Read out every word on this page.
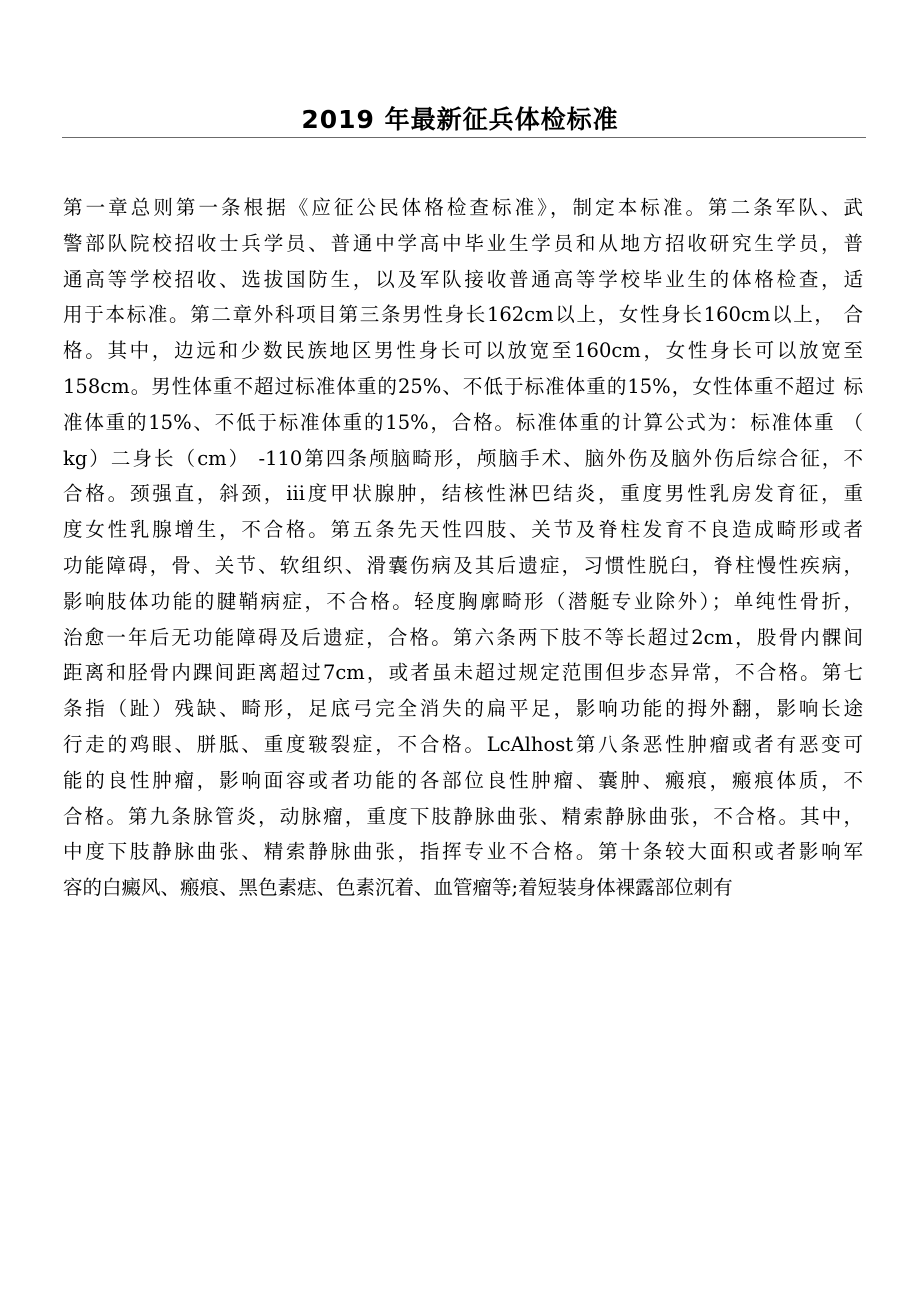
2019 年最新征兵体检标准
第一章总则第一条根据《应征公民体格检查标准》，制定本标准。第二条军队、武
警部队院校招收士兵学员、普通中学高中毕业生学员和从地方招收研究生学员，普
通高等学校招收、选拔国防生，以及军队接收普通高等学校毕业生的体格检查，适
用于本标准。第二章外科项目第三条男性身长162cm以上，女性身长160cm以上， 合
格。其中，边远和少数民族地区男性身长可以放宽至160cm，女性身长可以放宽至
158cm。男性体重不超过标准体重的25%、不低于标准体重的15%，女性体重不超过 标
准体重的15%、不低于标准体重的15%，合格。标准体重的计算公式为：标准体重 （
kg）二身长（cm） -110第四条颅脑畸形，颅脑手术、脑外伤及脑外伤后综合征，不
合格。颈强直，斜颈，iii度甲状腺肿，结核性淋巴结炎，重度男性乳房发育征，重
度女性乳腺增生，不合格。第五条先天性四肢、关节及脊柱发育不良造成畸形或者
功能障碍，骨、关节、软组织、滑囊伤病及其后遗症，习惯性脱臼，脊柱慢性疾病，
影响肢体功能的腱鞘病症，不合格。轻度胸廓畸形（潜艇专业除外）；单纯性骨折，
治愈一年后无功能障碍及后遗症，合格。第六条两下肢不等长超过2cm，股骨内髁间
距离和胫骨内踝间距离超过7cm，或者虽未超过规定范围但步态异常，不合格。第七
条指（趾）残缺、畸形，足底弓完全消失的扁平足，影响功能的拇外翻，影响长途
行走的鸡眼、胼胝、重度皲裂症，不合格。LcAlhost第八条恶性肿瘤或者有恶变可
能的良性肿瘤，影响面容或者功能的各部位良性肿瘤、囊肿、瘢痕，瘢痕体质，不
合格。第九条脉管炎，动脉瘤，重度下肢静脉曲张、精索静脉曲张，不合格。其中，
中度下肢静脉曲张、精索静脉曲张，指挥专业不合格。第十条较大面积或者影响军
容的白癜风、瘢痕、黑色素痣、色素沉着、血管瘤等;着短装身体裸露部位刺有
